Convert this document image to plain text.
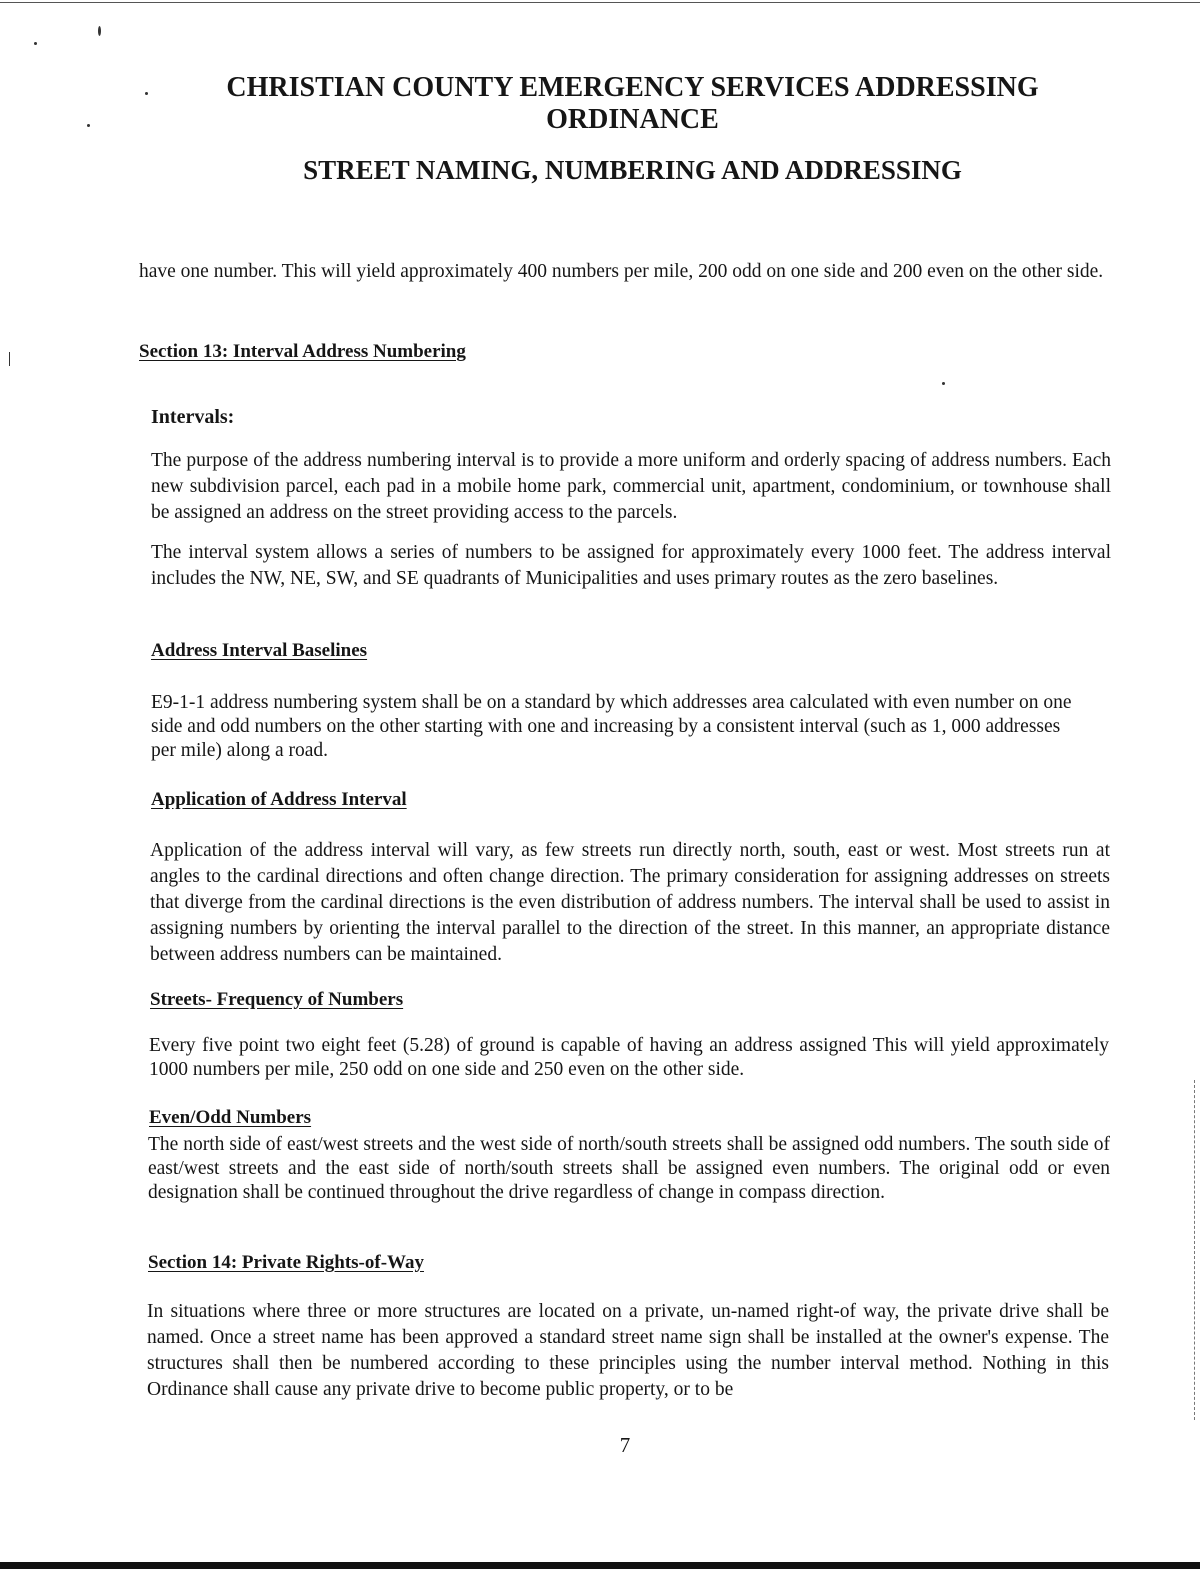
CHRISTIAN COUNTY EMERGENCY SERVICES ADDRESSING
ORDINANCE
STREET NAMING, NUMBERING AND ADDRESSING

have one number. This will yield approximately 400 numbers per mile, 200 odd on one side and 200 even on the other side.

Section 13: Interval Address Numbering

Intervals:

The purpose of the address numbering interval is to provide a more uniform and orderly spacing of address numbers. Each new subdivision parcel, each pad in a mobile home park, commercial unit, apartment, condominium, or townhouse shall be assigned an address on the street providing access to the parcels.

The interval system allows a series of numbers to be assigned for approximately every 1000 feet. The address interval includes the NW, NE, SW, and SE quadrants of Municipalities and uses primary routes as the zero baselines.

Address Interval Baselines

E9-1-1 address numbering system shall be on a standard by which addresses area calculated with even number on one side and odd numbers on the other starting with one and increasing by a consistent interval (such as 1, 000 addresses per mile) along a road.

Application of Address Interval

Application of the address interval will vary, as few streets run directly north, south, east or west. Most streets run at angles to the cardinal directions and often change direction. The primary consideration for assigning addresses on streets that diverge from the cardinal directions is the even distribution of address numbers. The interval shall be used to assist in assigning numbers by orienting the interval parallel to the direction of the street. In this manner, an appropriate distance between address numbers can be maintained.

Streets- Frequency of Numbers

Every five point two eight feet (5.28) of ground is capable of having an address assigned This will yield approximately 1000 numbers per mile, 250 odd on one side and 250 even on the other side.

Even/Odd Numbers

The north side of east/west streets and the west side of north/south streets shall be assigned odd numbers. The south side of east/west streets and the east side of north/south streets shall be assigned even numbers. The original odd or even designation shall be continued throughout the drive regardless of change in compass direction.

Section 14: Private Rights-of-Way

In situations where three or more structures are located on a private, un-named right-of way, the private drive shall be named. Once a street name has been approved a standard street name sign shall be installed at the owner's expense. The structures shall then be numbered according to these principles using the number interval method. Nothing in this Ordinance shall cause any private drive to become public property, or to be

7
